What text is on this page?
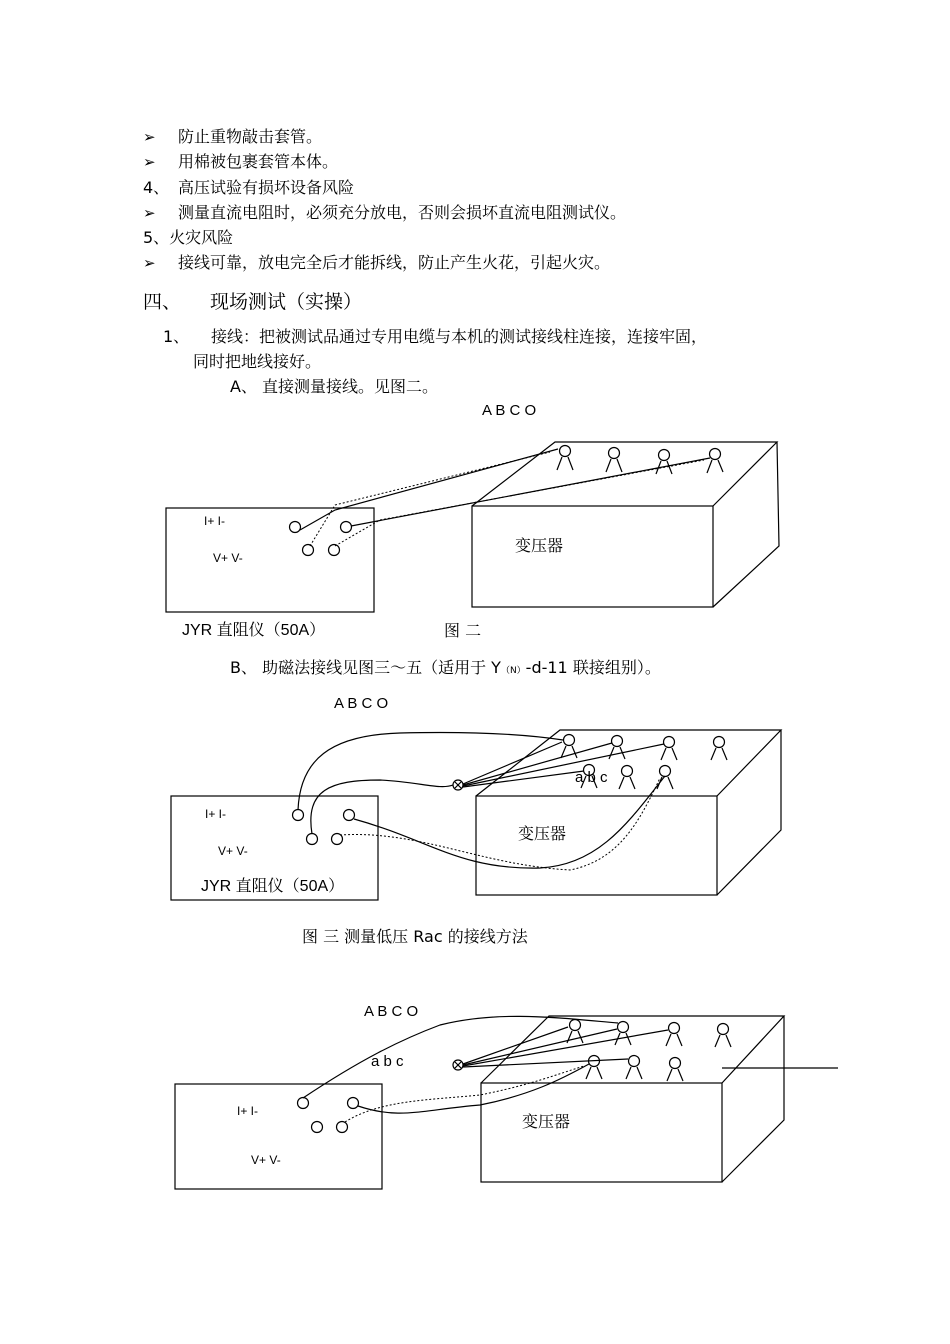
➢ 防止重物敲击套管。
➢ 用棉被包裹套管本体。
4、 高压试验有损坏设备风险
➢ 测量直流电阻时，必须充分放电，否则会损坏直流电阻测试仪。
5、火灾风险
➢ 接线可靠，放电完全后才能拆线，防止产生火花，引起火灾。
四、 现场测试（实操）
1、 接线：把被测试品通过专用电缆与本机的测试接线柱连接，连接牢固，
同时把地线接好。
A、 直接测量接线。见图二。
A B C O
I+ I-
V+ V-
变压器
JYR 直阻仪（50A）	图 二
B、 助磁法接线见图三～五（适用于 Y（N）-d-11 联接组别）。
A B C O
a b c
I+ I-
V+ V-
变压器
JYR 直阻仪（50A）
图 三 测量低压 Rac 的接线方法
A B C O
a b c
I+ I-
V+ V-
变压器
